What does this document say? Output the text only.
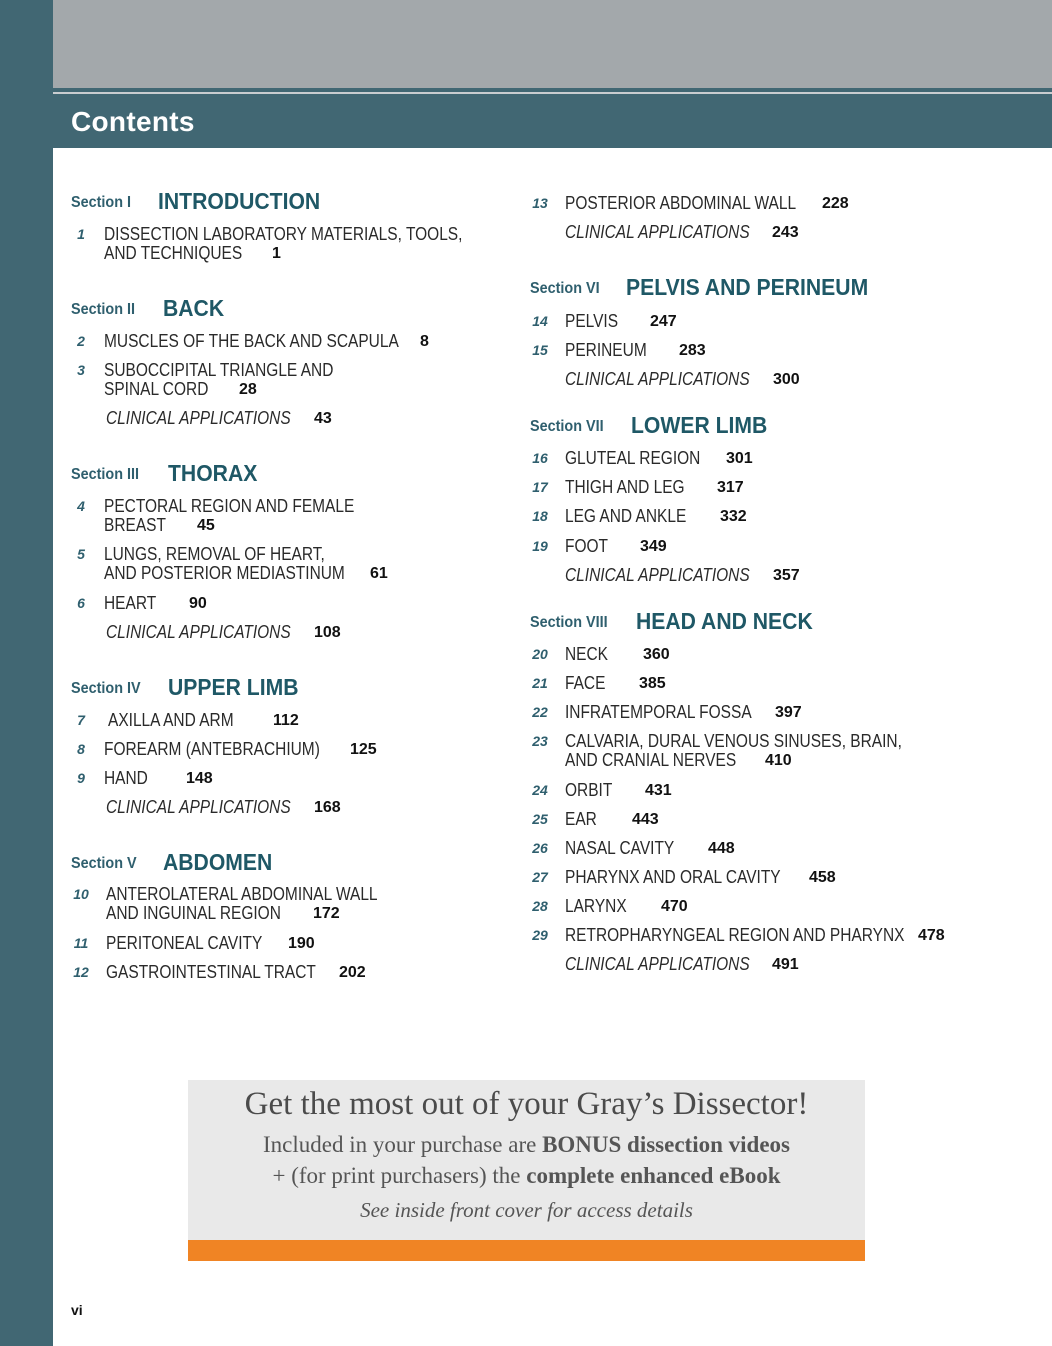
Contents
Section I INTRODUCTION
1	DISSECTION LABORATORY MATERIALS, TOOLS,
AND TECHNIQUES 1
Section II BACK
2	MUSCLES OF THE BACK AND SCAPULA 8
3	SUBOCCIPITAL TRIANGLE AND
SPINAL CORD 28
CLINICAL APPLICATIONS 43
Section III THORAX
4	PECTORAL REGION AND FEMALE
BREAST 45
5	LUNGS, REMOVAL OF HEART,
AND POSTERIOR MEDIASTINUM 61
6	HEART 90
CLINICAL APPLICATIONS 108
Section IV UPPER LIMB
7	AXILLA AND ARM 112
8	FOREARM (ANTEBRACHIUM) 125
9	HAND 148
CLINICAL APPLICATIONS 168
Section V ABDOMEN
10 ANTEROLATERAL ABDOMINAL WALL
AND INGUINAL REGION 172
11 PERITONEAL CAVITY 190
12 GASTROINTESTINAL TRACT 202
13 POSTERIOR ABDOMINAL WALL 228
CLINICAL APPLICATIONS 243
Section VI PELVIS AND PERINEUM
14 PELVIS 247
15 PERINEUM 283
CLINICAL APPLICATIONS 300
Section VII LOWER LIMB
16 GLUTEAL REGION 301
17 THIGH AND LEG 317
18 LEG AND ANKLE 332
19 FOOT 349
CLINICAL APPLICATIONS 357
Section VIII HEAD AND NECK
20 NECK 360
21 FACE 385
22 INFRATEMPORAL FOSSA 397
23 CALVARIA, DURAL VENOUS SINUSES, BRAIN,
AND CRANIAL NERVES 410
24 ORBIT 431
25 EAR 443
26 NASAL CAVITY 448
27 PHARYNX AND ORAL CAVITY 458
28 LARYNX 470
29 RETROPHARYNGEAL REGION AND PHARYNX 478
CLINICAL APPLICATIONS 491

Get the most out of your Gray’s Dissector!

Included in your purchase are BONUS dissection videos

+ (for print purchasers) the complete enhanced eBook

See inside front cover for access details

vi
